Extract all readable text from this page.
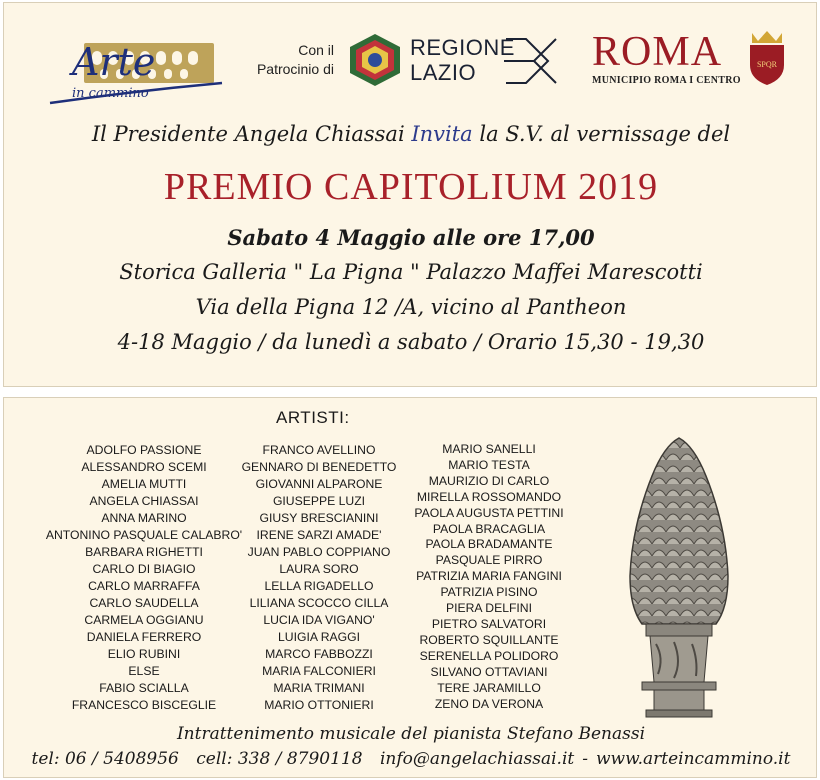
Arte
in cammino
Con il
Patrocinio di
REGIONE
LAZIO	ROMA
MUNICIPIO ROMA I CENTRO
SPQR
Il Presidente Angela Chiassai Invita la S.V. al vernissage del
PREMIO CAPITOLIUM 2019
Sabato 4 Maggio alle ore 17,00
Storica Galleria " La Pigna " Palazzo Maffei Marescotti
Via della Pigna 12 /A, vicino al Pantheon
4-18 Maggio / da lunedì a sabato / Orario 15,30 - 19,30
ARTISTI:
ADOLFO PASSIONE
ALESSANDRO SCEMI
AMELIA MUTTI
ANGELA CHIASSAI
ANNA MARINO
ANTONINO PASQUALE CALABRO'
BARBARA RIGHETTI
CARLO DI BIAGIO
CARLO MARRAFFA
CARLO SAUDELLA
CARMELA OGGIANU
DANIELA FERRERO
ELIO RUBINI
ELSE
FABIO SCIALLA
FRANCESCO BISCEGLIE
FRANCO AVELLINO
GENNARO DI BENEDETTO
GIOVANNI ALPARONE
GIUSEPPE LUZI
GIUSY BRESCIANINI
IRENE SARZI AMADE'
JUAN PABLO COPPIANO
LAURA SORO
LELLA RIGADELLO
LILIANA SCOCCO CILLA
LUCIA IDA VIGANO'
LUIGIA RAGGI
MARCO FABBOZZI
MARIA FALCONIERI
MARIA TRIMANI
MARIO OTTONIERI
MARIO SANELLI
MARIO TESTA
MAURIZIO DI CARLO
MIRELLA ROSSOMANDO
PAOLA AUGUSTA PETTINI
PAOLA BRACAGLIA
PAOLA BRADAMANTE
PASQUALE PIRRO
PATRIZIA MARIA FANGINI
PATRIZIA PISINO
PIERA DELFINI
PIETRO SALVATORI
ROBERTO SQUILLANTE
SERENELLA POLIDORO
SILVANO OTTAVIANI
TERE JARAMILLO
ZENO DA VERONA
Intrattenimento musicale del pianista Stefano Benassi
tel: 06 / 5408956 cell: 338 / 8790118 info@angelachiassai.it - www.arteincammino.it
